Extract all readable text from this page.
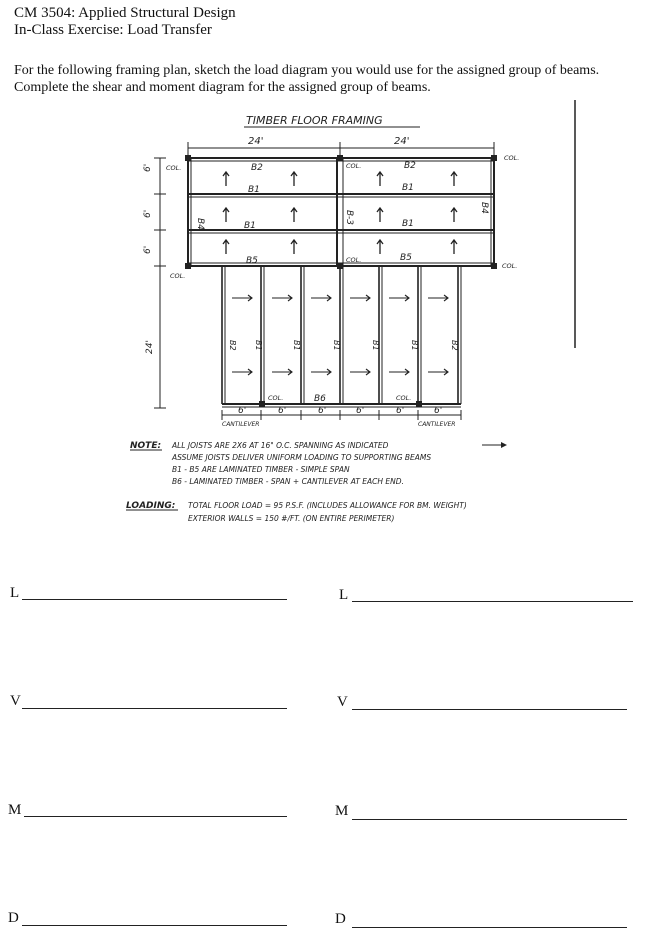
CM 3504: Applied Structural Design
In-Class Exercise: Load Transfer
For the following framing plan, sketch the load diagram you would use for the assigned group of beams.
Complete the shear and moment diagram for the assigned group of beams.
TIMBER FLOOR FRAMING
24'	24'
COL.	COL.
COL.
COL.
COL.
COL.
B2	B2
B1	B1
B1	B1
B5	B5
B4	B-3
B4
6'
6'
6'
24'
COL.	COL.
B6
B2 B1	B1	B1	B1	B1	B2
6'	6'	6'	6'	6'	6'
CANTILEVER	CANTILEVER
NOTE: ALL JOISTS ARE 2X6 AT 16" O.C. SPANNING AS INDICATED
ASSUME JOISTS DELIVER UNIFORM LOADING TO SUPPORTING BEAMS
B1 - B5 ARE LAMINATED TIMBER - SIMPLE SPAN
B6 - LAMINATED TIMBER - SPAN + CANTILEVER AT EACH END.
LOADING: TOTAL FLOOR LOAD = 95 P.S.F. (INCLUDES ALLOWANCE FOR BM. WEIGHT)
EXTERIOR WALLS = 150 #/FT. (ON ENTIRE PERIMETER)
L
V
M
D
L
V
M
D
